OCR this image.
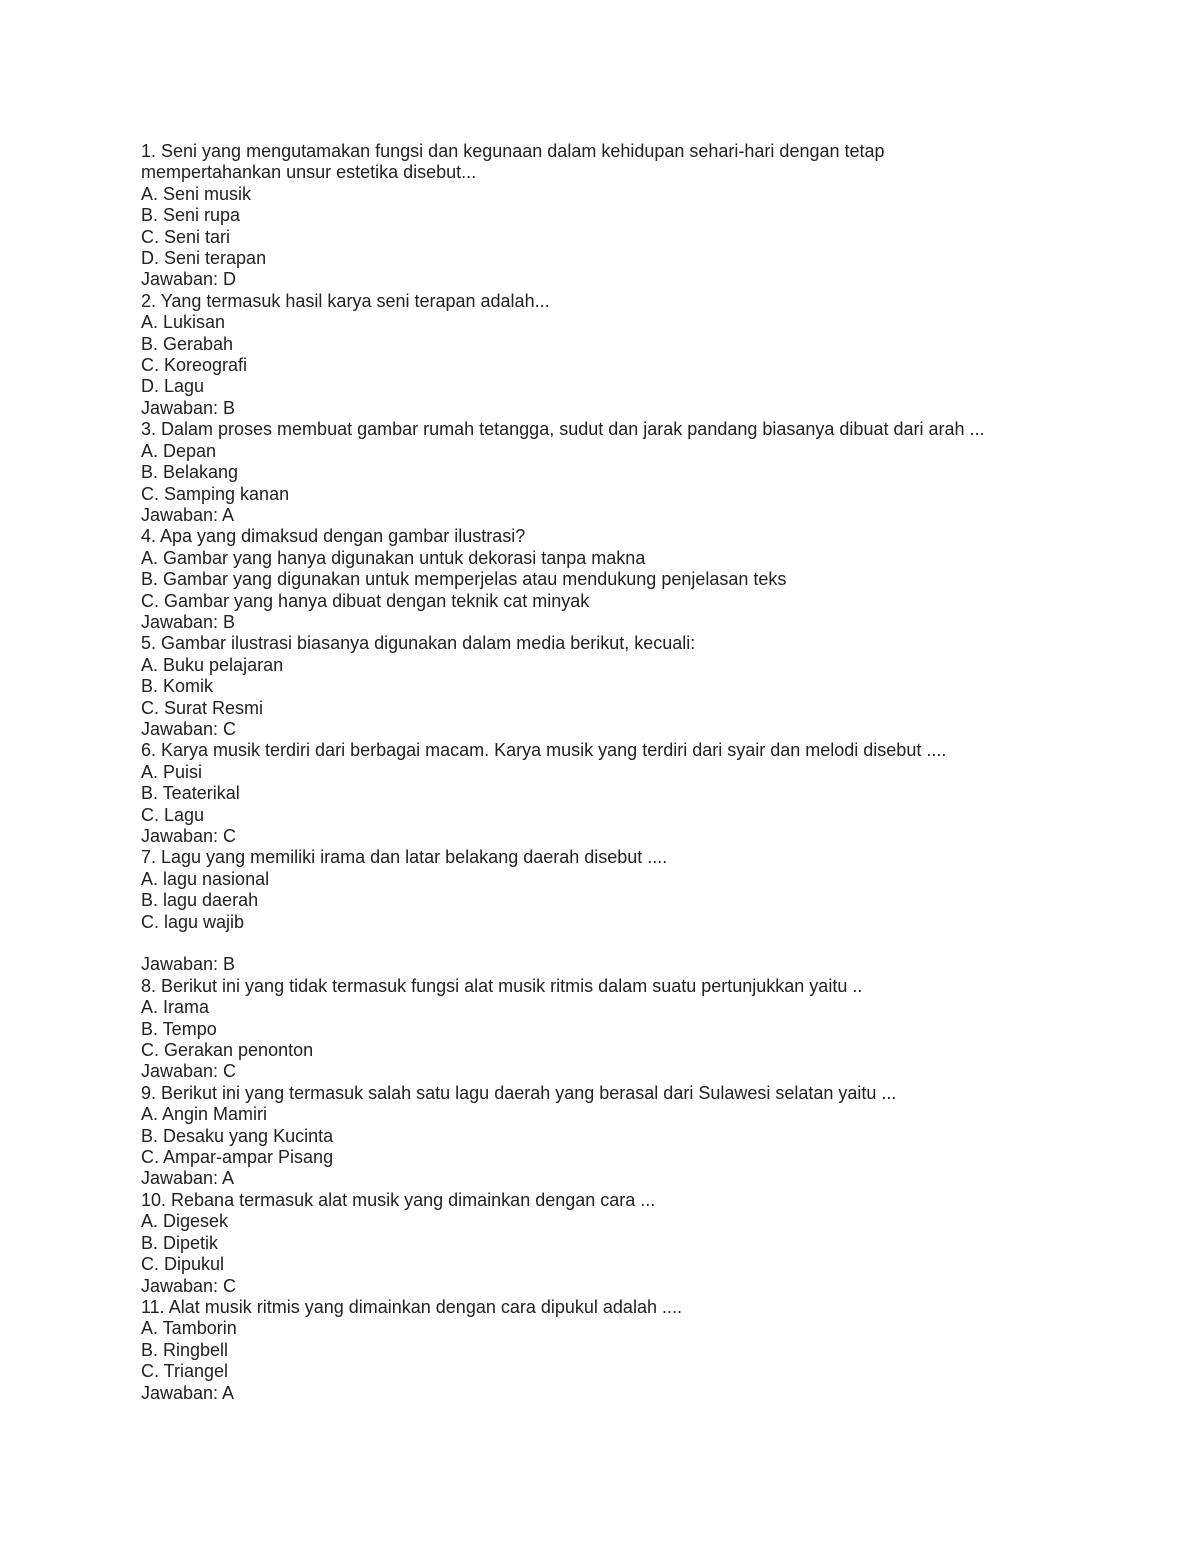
1. Seni yang mengutamakan fungsi dan kegunaan dalam kehidupan sehari-hari dengan tetap
mempertahankan unsur estetika disebut...
A. Seni musik
B. Seni rupa
C. Seni tari
D. Seni terapan
Jawaban: D
2. Yang termasuk hasil karya seni terapan adalah...
A. Lukisan
B. Gerabah
C. Koreografi
D. Lagu
Jawaban: B
3. Dalam proses membuat gambar rumah tetangga, sudut dan jarak pandang biasanya dibuat dari arah ...
A. Depan
B. Belakang
C. Samping kanan
Jawaban: A
4. Apa yang dimaksud dengan gambar ilustrasi?
A. Gambar yang hanya digunakan untuk dekorasi tanpa makna
B. Gambar yang digunakan untuk memperjelas atau mendukung penjelasan teks
C. Gambar yang hanya dibuat dengan teknik cat minyak
Jawaban: B
5. Gambar ilustrasi biasanya digunakan dalam media berikut, kecuali:
A. Buku pelajaran
B. Komik
C. Surat Resmi
Jawaban: C
6. Karya musik terdiri dari berbagai macam. Karya musik yang terdiri dari syair dan melodi disebut ....
A. Puisi
B. Teaterikal
C. Lagu
Jawaban: C
7. Lagu yang memiliki irama dan latar belakang daerah disebut ....
A. lagu nasional
B. lagu daerah
C. lagu wajib
Jawaban: B
8. Berikut ini yang tidak termasuk fungsi alat musik ritmis dalam suatu pertunjukkan yaitu ..
A. Irama
B. Tempo
C. Gerakan penonton
Jawaban: C
9. Berikut ini yang termasuk salah satu lagu daerah yang berasal dari Sulawesi selatan yaitu ...
A. Angin Mamiri
B. Desaku yang Kucinta
C. Ampar-ampar Pisang
Jawaban: A
10. Rebana termasuk alat musik yang dimainkan dengan cara ...
A. Digesek
B. Dipetik
C. Dipukul
Jawaban: C
11. Alat musik ritmis yang dimainkan dengan cara dipukul adalah ....
A. Tamborin
B. Ringbell
C. Triangel
Jawaban: A
